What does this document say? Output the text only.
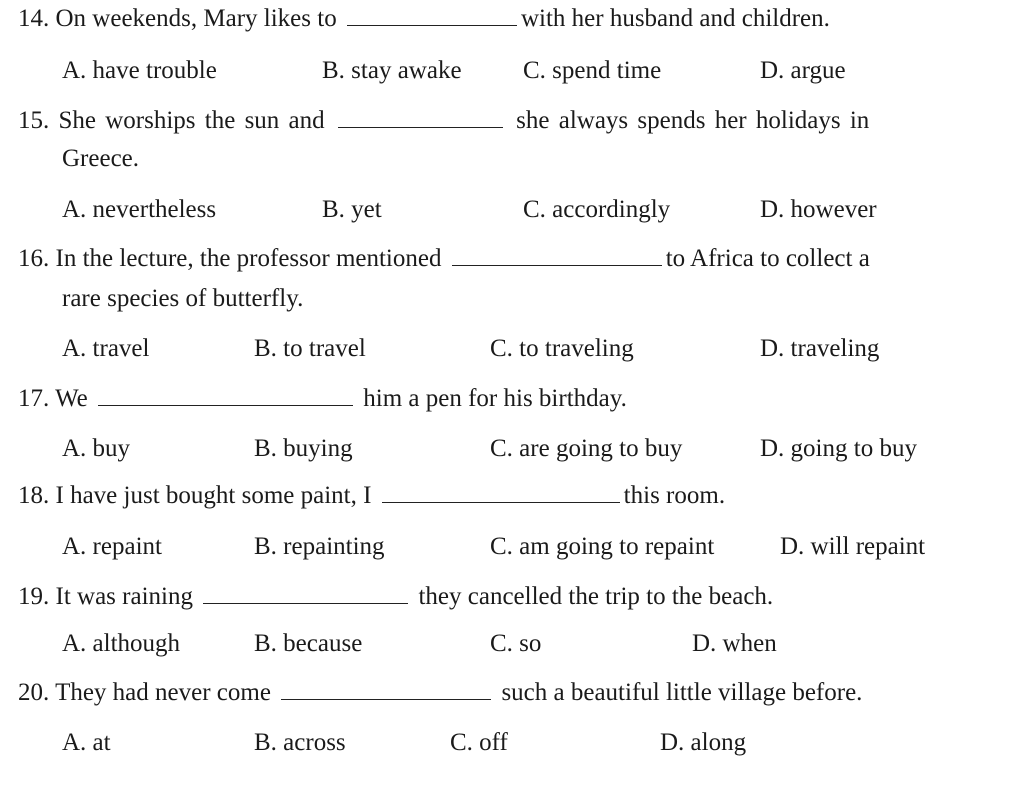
14. On weekends, Mary likes to	with her husband and children.
A. have trouble	B. stay awake C. spend time	D. argue
15. She worships the sun and	she always spends her holidays in
Greece.
A. nevertheless	B. yet	C. accordingly	D. however
16. In the lecture, the professor mentioned	to Africa to collect a
rare species of butterfly.
A. travel	B. to travel	C. to traveling	D. traveling
17. We	him a pen for his birthday.
A. buy	B. buying	C. are going to buy	D. going to buy
18. I have just bought some paint, I	this room.
A. repaint	B. repainting	C. am going to repaint	D. will repaint
19. It was raining	they cancelled the trip to the beach.
A. although	B. because	C. so	D. when
20. They had never come	such a beautiful little village before.
A. at	B. across	C. off	D. along
